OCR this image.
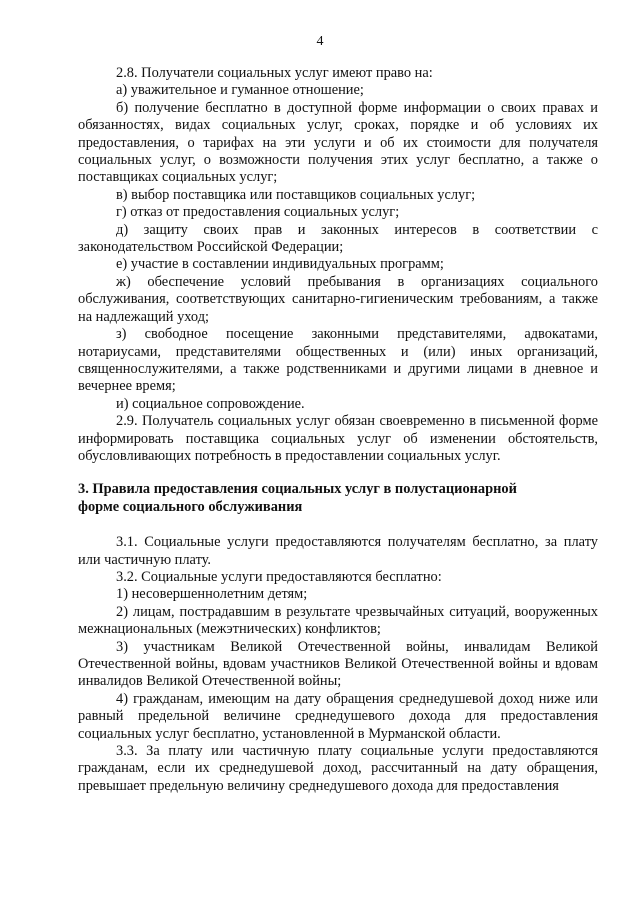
4

2.8. Получатели социальных услуг имеют право на:

а) уважительное и гуманное отношение;

б) получение бесплатно в доступной форме информации о своих правах и обязанностях, видах социальных услуг, сроках, порядке и об условиях их предоставления, о тарифах на эти услуги и об их стоимости для получателя социальных услуг, о возможности получения этих услуг бесплатно, а также о поставщиках социальных услуг;

в) выбор поставщика или поставщиков социальных услуг;

г) отказ от предоставления социальных услуг;

д) защиту своих прав и законных интересов в соответствии с законодательством Российской Федерации;

е) участие в составлении индивидуальных программ;

ж) обеспечение условий пребывания в организациях социального обслуживания, соответствующих санитарно-гигиеническим требованиям, а также на надлежащий уход;

з) свободное посещение законными представителями, адвокатами, нотариусами, представителями общественных и (или) иных организаций, священнослужителями, а также родственниками и другими лицами в дневное и вечернее время;

и) социальное сопровождение.

2.9. Получатель социальных услуг обязан своевременно в письменной форме информировать поставщика социальных услуг об изменении обстоятельств, обусловливающих потребность в предоставлении социальных услуг.

3. Правила предоставления социальных услуг в полустационарной

форме социального обслуживания

3.1. Социальные услуги предоставляются получателям бесплатно, за плату или частичную плату.

3.2. Социальные услуги предоставляются бесплатно:

1) несовершеннолетним детям;

2) лицам, пострадавшим в результате чрезвычайных ситуаций, вооруженных межнациональных (межэтнических) конфликтов;

3) участникам Великой Отечественной войны, инвалидам Великой Отечественной войны, вдовам участников Великой Отечественной войны и вдовам инвалидов Великой Отечественной войны;

4) гражданам, имеющим на дату обращения среднедушевой доход ниже или равный предельной величине среднедушевого дохода для предоставления социальных услуг бесплатно, установленной в Мурманской области.

3.3. За плату или частичную плату социальные услуги предоставляются гражданам, если их среднедушевой доход, рассчитанный на дату обращения, превышает предельную величину среднедушевого дохода для предоставления
